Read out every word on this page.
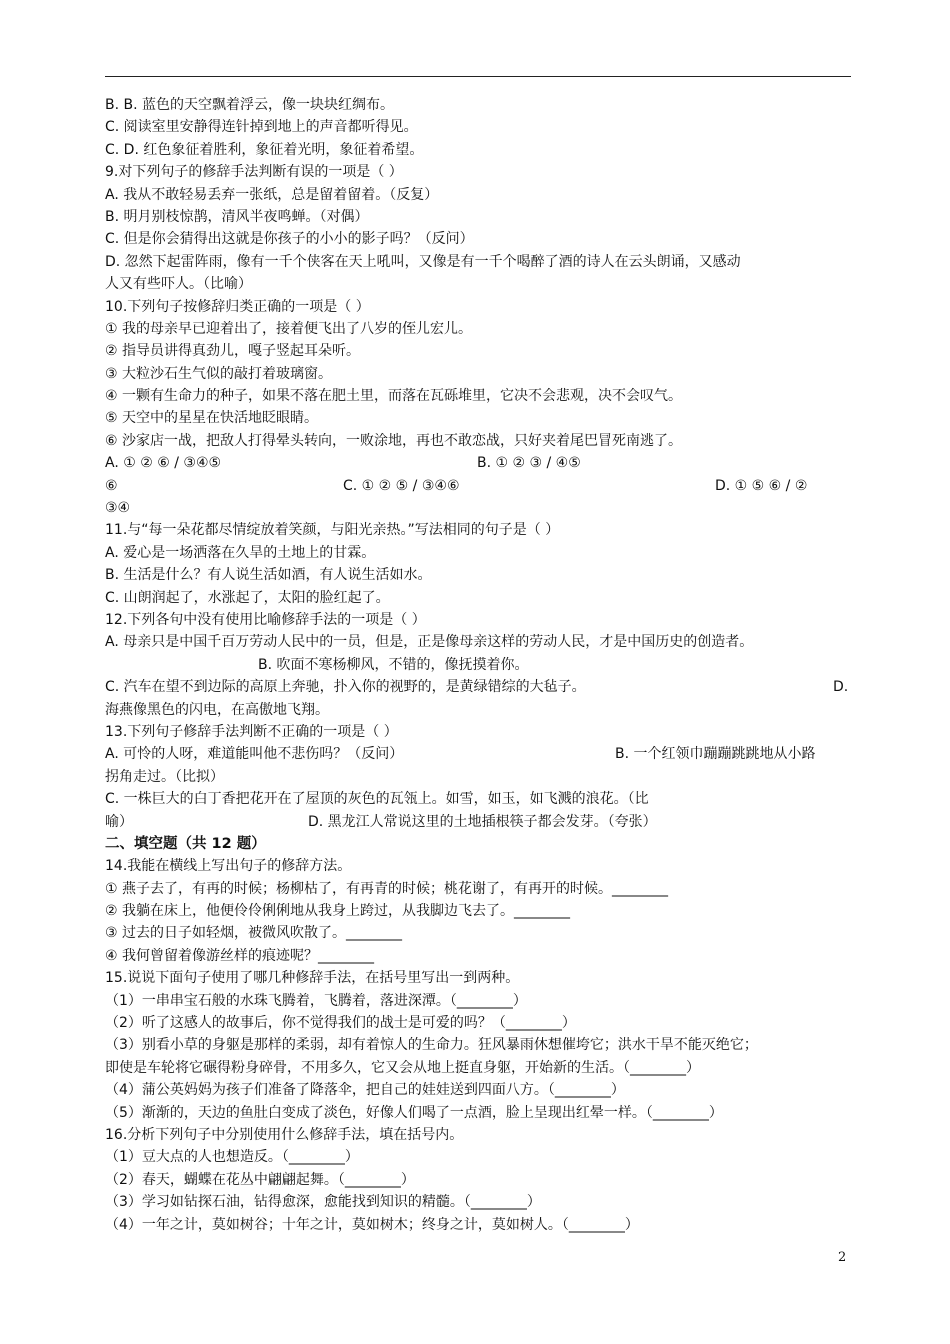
B. B. 蓝色的天空飘着浮云，像一块块红绸布。
C. 阅读室里安静得连针掉到地上的声音都听得见。
C. D. 红色象征着胜利，象征着光明，象征着希望。
9.对下列句子的修辞手法判断有误的一项是（ ）
A. 我从不敢轻易丢弃一张纸，总是留着留着。（反复）
B. 明月别枝惊鹊，清风半夜鸣蝉。（对偶）
C. 但是你会猜得出这就是你孩子的小小的影子吗？（反问）
D. 忽然下起雷阵雨，像有一千个侠客在天上吼叫，又像是有一千个喝醉了酒的诗人在云头朗诵，又感动
人又有些吓人。（比喻）
10.下列句子按修辞归类正确的一项是（ ）
① 我的母亲早已迎着出了，接着便飞出了八岁的侄儿宏儿。
② 指导员讲得真劲儿，嘎子竖起耳朵听。
③ 大粒沙石生气似的敲打着玻璃窗。
④ 一颗有生命力的种子，如果不落在肥土里，而落在瓦砾堆里，它决不会悲观，决不会叹气。
⑤ 天空中的星星在快活地眨眼睛。
⑥ 沙家店一战，把敌人打得晕头转向，一败涂地，再也不敢恋战，只好夹着尾巴冒死南逃了。
A. ① ② ⑥ / ③④⑤	B. ① ② ③ / ④⑤
⑥	C. ① ② ⑤ / ③④⑥	D. ① ⑤ ⑥ / ②
③④
11.与“每一朵花都尽情绽放着笑颜，与阳光亲热。”写法相同的句子是（ ）
A. 爱心是一场洒落在久旱的土地上的甘霖。
B. 生活是什么？有人说生活如酒，有人说生活如水。
C. 山朗润起了，水涨起了，太阳的脸红起了。
12.下列各句中没有使用比喻修辞手法的一项是（ ）
A. 母亲只是中国千百万劳动人民中的一员，但是，正是像母亲这样的劳动人民，才是中国历史的创造者。
B. 吹面不寒杨柳风，不错的，像抚摸着你。
C. 汽车在望不到边际的高原上奔驰，扑入你的视野的，是黄绿错综的大毡子。	D.
海燕像黑色的闪电，在高傲地飞翔。
13.下列句子修辞手法判断不正确的一项是（ ）
A. 可怜的人呀，难道能叫他不悲伤吗？（反问）	B. 一个红领巾蹦蹦跳跳地从小路
拐角走过。（比拟）
C. 一株巨大的白丁香把花开在了屋顶的灰色的瓦瓴上。如雪，如玉，如飞溅的浪花。（比
喻）	D. 黑龙江人常说这里的土地插根筷子都会发芽。（夸张）
二、填空题（共 12 题）
14.我能在横线上写出句子的修辞方法。
① 燕子去了，有再的时候；杨柳枯了，有再青的时候；桃花谢了，有再开的时候。________
② 我躺在床上，他便伶伶俐俐地从我身上跨过，从我脚边飞去了。________
③ 过去的日子如轻烟，被微风吹散了。________
④ 我何曾留着像游丝样的痕迹呢？________
15.说说下面句子使用了哪几种修辞手法，在括号里写出一到两种。
（1）一串串宝石般的水珠飞腾着，飞腾着，落进深潭。（________）
（2）听了这感人的故事后，你不觉得我们的战士是可爱的吗？（________）
（3）别看小草的身躯是那样的柔弱，却有着惊人的生命力。狂风暴雨休想催垮它；洪水干旱不能灭绝它；
即使是车轮将它碾得粉身碎骨，不用多久，它又会从地上挺直身躯，开始新的生活。（________）
（4）蒲公英妈妈为孩子们准备了降落伞，把自己的娃娃送到四面八方。（________）
（5）渐渐的，天边的鱼肚白变成了淡色，好像人们喝了一点酒，脸上呈现出红晕一样。（________）
16.分析下列句子中分别使用什么修辞手法，填在括号内。
（1）豆大点的人也想造反。（________）
（2）春天，蝴蝶在花丛中翩翩起舞。（________）
（3）学习如钻探石油，钻得愈深，愈能找到知识的精髓。（________）
（4）一年之计，莫如树谷；十年之计，莫如树木；终身之计，莫如树人。（________）
2
